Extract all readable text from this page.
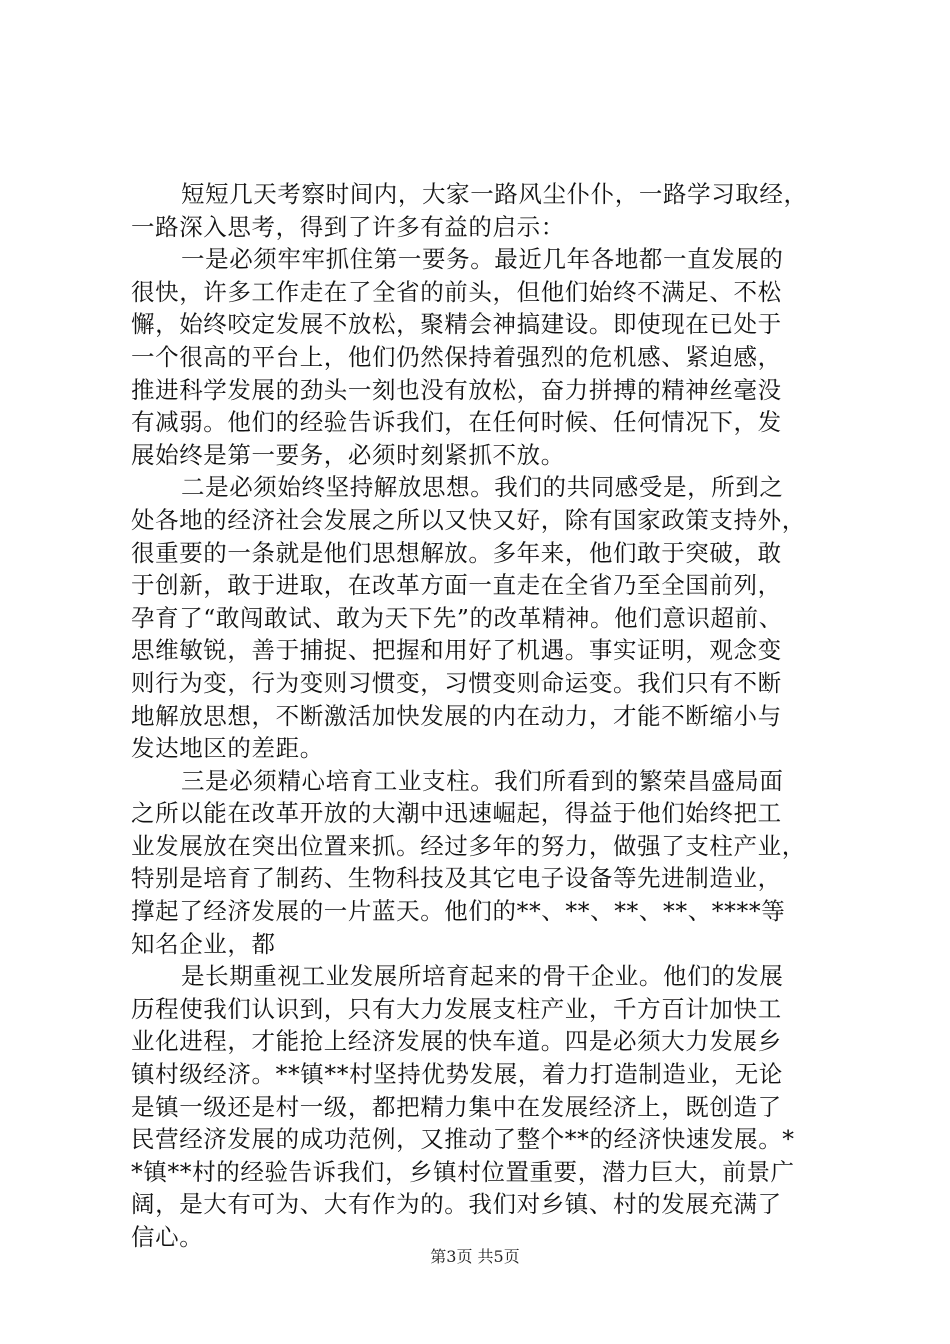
短短几天考察时间内，大家一路风尘仆仆，一路学习取经，
一路深入思考，得到了许多有益的启示：
一是必须牢牢抓住第一要务。最近几年各地都一直发展的
很快，许多工作走在了全省的前头，但他们始终不满足、不松
懈，始终咬定发展不放松，聚精会神搞建设。即使现在已处于
一个很高的平台上，他们仍然保持着强烈的危机感、紧迫感，
推进科学发展的劲头一刻也没有放松，奋力拼搏的精神丝毫没
有减弱。他们的经验告诉我们，在任何时候、任何情况下，发
展始终是第一要务，必须时刻紧抓不放。
二是必须始终坚持解放思想。我们的共同感受是，所到之
处各地的经济社会发展之所以又快又好，除有国家政策支持外，
很重要的一条就是他们思想解放。多年来，他们敢于突破，敢
于创新，敢于进取，在改革方面一直走在全省乃至全国前列，
孕育了“敢闯敢试、敢为天下先”的改革精神。他们意识超前、
思维敏锐，善于捕捉、把握和用好了机遇。事实证明，观念变
则行为变，行为变则习惯变，习惯变则命运变。我们只有不断
地解放思想，不断激活加快发展的内在动力，才能不断缩小与
发达地区的差距。
三是必须精心培育工业支柱。我们所看到的繁荣昌盛局面
之所以能在改革开放的大潮中迅速崛起，得益于他们始终把工
业发展放在突出位置来抓。经过多年的努力，做强了支柱产业，
特别是培育了制药、生物科技及其它电子设备等先进制造业，
撑起了经济发展的一片蓝天。他们的**、**、**、**、****等
知名企业，都
是长期重视工业发展所培育起来的骨干企业。他们的发展
历程使我们认识到，只有大力发展支柱产业，千方百计加快工
业化进程，才能抢上经济发展的快车道。四是必须大力发展乡
镇村级经济。**镇**村坚持优势发展，着力打造制造业，无论
是镇一级还是村一级，都把精力集中在发展经济上，既创造了
民营经济发展的成功范例，又推动了整个**的经济快速发展。*
*镇**村的经验告诉我们，乡镇村位置重要，潜力巨大，前景广
阔，是大有可为、大有作为的。我们对乡镇、村的发展充满了
信心。
第3页 共5页
